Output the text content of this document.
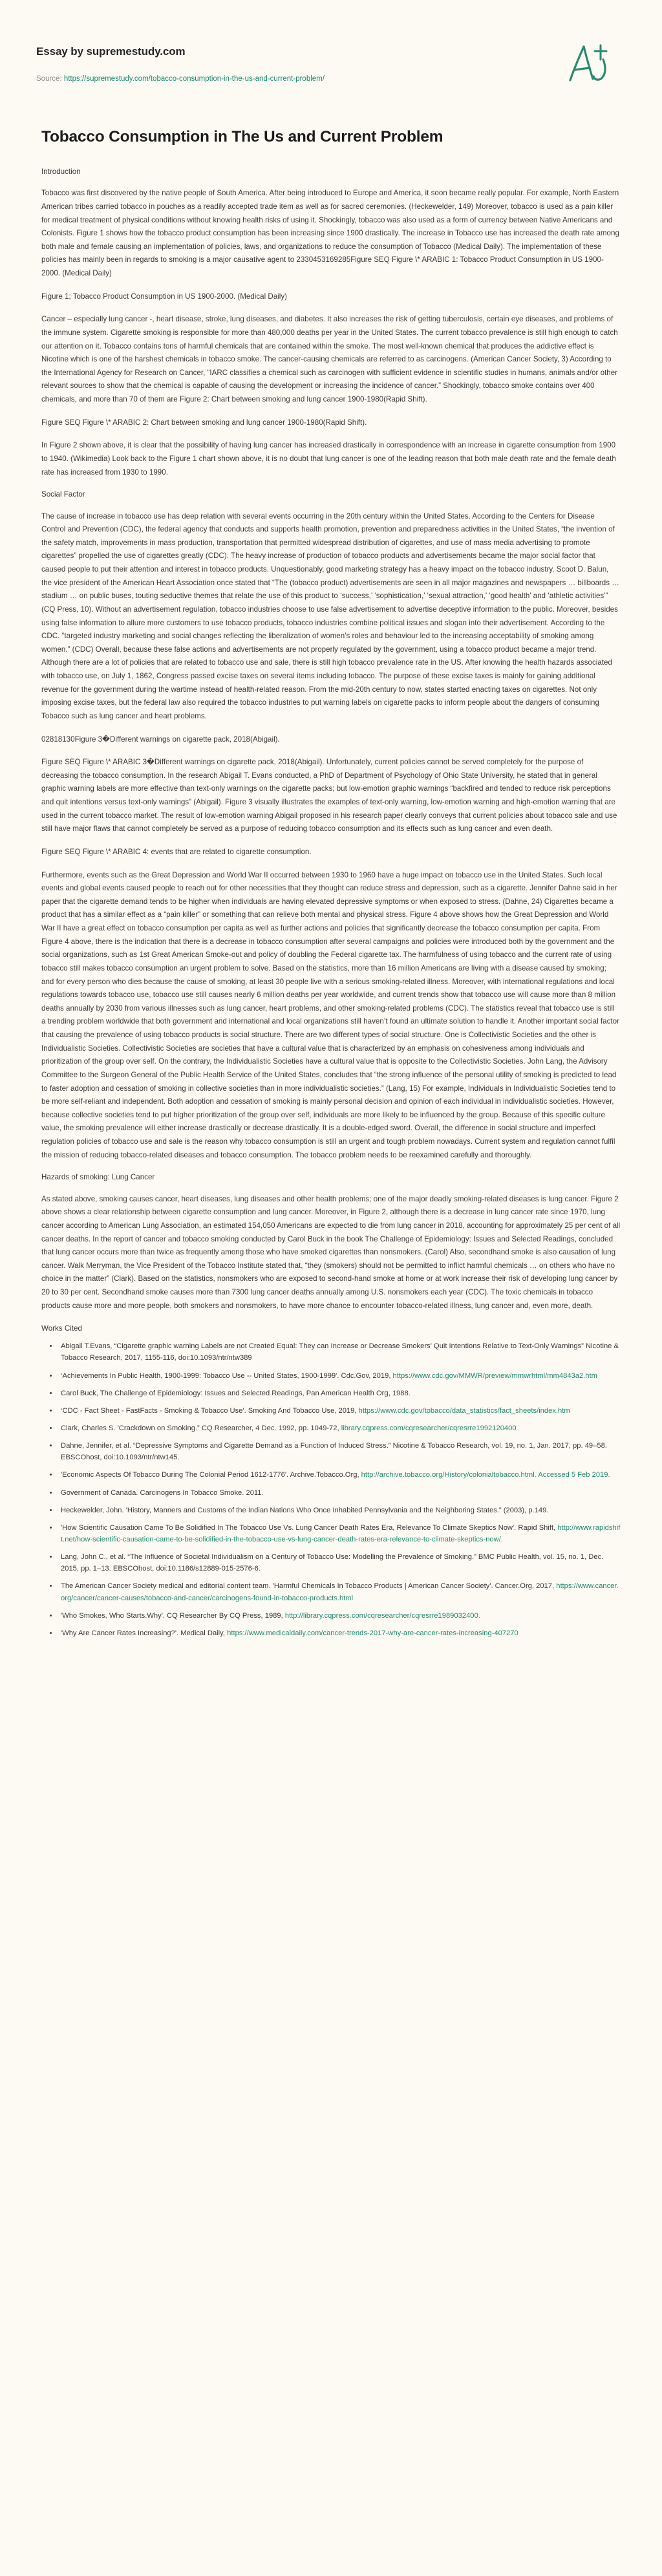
Essay by supremestudy.com
Source: https://supremestudy.com/tobacco-consumption-in-the-us-and-current-problem/
Tobacco Consumption in The Us and Current Problem
Introduction

Tobacco was first discovered by the native people of South America. After being introduced to Europe and America, it soon became really popular. For example, North Eastern American tribes carried tobacco in pouches as a readily accepted trade item as well as for sacred ceremonies. (Heckewelder, 149) Moreover, tobacco is used as a pain killer for medical treatment of physical conditions without knowing health risks of using it. Shockingly, tobacco was also used as a form of currency between Native Americans and Colonists. Figure 1 shows how the tobacco product consumption has been increasing since 1900 drastically. The increase in Tobacco use has increased the death rate among both male and female causing an implementation of policies, laws, and organizations to reduce the consumption of Tobacco (Medical Daily). The implementation of these policies has mainly been in regards to smoking is a major causative agent to 2330453169285Figure SEQ Figure \* ARABIC 1: Tobacco Product Consumption in US 1900-2000. (Medical Daily)

Figure 1; Tobacco Product Consumption in US 1900-2000. (Medical Daily)

Cancer – especially lung cancer -, heart disease, stroke, lung diseases, and diabetes. It also increases the risk of getting tuberculosis, certain eye diseases, and problems of the immune system. Cigarette smoking is responsible for more than 480,000 deaths per year in the United States. The current tobacco prevalence is still high enough to catch our attention on it. Tobacco contains tons of harmful chemicals that are contained within the smoke. The most well-known chemical that produces the addictive effect is Nicotine which is one of the harshest chemicals in tobacco smoke. The cancer-causing chemicals are referred to as carcinogens. (American Cancer Society, 3) According to the International Agency for Research on Cancer, “IARC classifies a chemical such as carcinogen with sufficient evidence in scientific studies in humans, animals and/or other relevant sources to show that the chemical is capable of causing the development or increasing the incidence of cancer.” Shockingly, tobacco smoke contains over 400 chemicals, and more than 70 of them are Figure 2: Chart between smoking and lung cancer 1900-1980(Rapid Shift).

Figure SEQ Figure \* ARABIC 2: Chart between smoking and lung cancer 1900-1980(Rapid Shift).

In Figure 2 shown above, it is clear that the possibility of having lung cancer has increased drastically in correspondence with an increase in cigarette consumption from 1900 to 1940. (Wikimedia) Look back to the Figure 1 chart shown above, it is no doubt that lung cancer is one of the leading reason that both male death rate and the female death rate has increased from 1930 to 1990.

Social Factor

The cause of increase in tobacco use has deep relation with several events occurring in the 20th century within the United States. According to the Centers for Disease Control and Prevention (CDC), the federal agency that conducts and supports health promotion, prevention and preparedness activities in the United States, “the invention of the safety match, improvements in mass production, transportation that permitted widespread distribution of cigarettes, and use of mass media advertising to promote cigarettes” propelled the use of cigarettes greatly (CDC). The heavy increase of production of tobacco products and advertisements became the major social factor that caused people to put their attention and interest in tobacco products. Unquestionably, good marketing strategy has a heavy impact on the tobacco industry. Scoot D. Balun, the vice president of the American Heart Association once stated that “The (tobacco product) advertisements are seen in all major magazines and newspapers … billboards … stadium … on public buses, touting seductive themes that relate the use of this product to ‘success,’ ‘sophistication,’ ‘sexual attraction,’ ‘good health’ and ‘athletic activities’” (CQ Press, 10). Without an advertisement regulation, tobacco industries choose to use false advertisement to advertise deceptive information to the public. Moreover, besides using false information to allure more customers to use tobacco products, tobacco industries combine political issues and slogan into their advertisement. According to the CDC. “targeted industry marketing and social changes reflecting the liberalization of women’s roles and behaviour led to the increasing acceptability of smoking among women.” (CDC) Overall, because these false actions and advertisements are not properly regulated by the government, using a tobacco product became a major trend. Although there are a lot of policies that are related to tobacco use and sale, there is still high tobacco prevalence rate in the US. After knowing the health hazards associated with tobacco use, on July 1, 1862, Congress passed excise taxes on several items including tobacco. The purpose of these excise taxes is mainly for gaining additional revenue for the government during the wartime instead of health-related reason. From the mid-20th century to now, states started enacting taxes on cigarettes. Not only imposing excise taxes, but the federal law also required the tobacco industries to put warning labels on cigarette packs to inform people about the dangers of consuming Tobacco such as lung cancer and heart problems.

02818130Figure 3�Different warnings on cigarette pack, 2018(Abigail).

Figure SEQ Figure \* ARABIC 3�Different warnings on cigarette pack, 2018(Abigail). Unfortunately, current policies cannot be served completely for the purpose of decreasing the tobacco consumption. In the research Abigail T. Evans conducted, a PhD of Department of Psychology of Ohio State University, he stated that in general graphic warning labels are more effective than text-only warnings on the cigarette packs; but low-emotion graphic warnings “backfired and tended to reduce risk perceptions and quit intentions versus text-only warnings” (Abigail). Figure 3 visually illustrates the examples of text-only warning, low-emotion warning and high-emotion warning that are used in the current tobacco market. The result of low-emotion warning Abigail proposed in his research paper clearly conveys that current policies about tobacco sale and use still have major flaws that cannot completely be served as a purpose of reducing tobacco consumption and its effects such as lung cancer and even death.

Figure SEQ Figure \* ARABIC 4: events that are related to cigarette consumption.

Furthermore, events such as the Great Depression and World War II occurred between 1930 to 1960 have a huge impact on tobacco use in the United States. Such local events and global events caused people to reach out for other necessities that they thought can reduce stress and depression, such as a cigarette. Jennifer Dahne said in her paper that the cigarette demand tends to be higher when individuals are having elevated depressive symptoms or when exposed to stress. (Dahne, 24) Cigarettes became a product that has a similar effect as a “pain killer” or something that can relieve both mental and physical stress. Figure 4 above shows how the Great Depression and World War II have a great effect on tobacco consumption per capita as well as further actions and policies that significantly decrease the tobacco consumption per capita. From Figure 4 above, there is the indication that there is a decrease in tobacco consumption after several campaigns and policies were introduced both by the government and the social organizations, such as 1st Great American Smoke-out and policy of doubling the Federal cigarette tax. The harmfulness of using tobacco and the current rate of using tobacco still makes tobacco consumption an urgent problem to solve. Based on the statistics, more than 16 million Americans are living with a disease caused by smoking; and for every person who dies because the cause of smoking, at least 30 people live with a serious smoking-related illness. Moreover, with international regulations and local regulations towards tobacco use, tobacco use still causes nearly 6 million deaths per year worldwide, and current trends show that tobacco use will cause more than 8 million deaths annually by 2030 from various illnesses such as lung cancer, heart problems, and other smoking-related problems (CDC). The statistics reveal that tobacco use is still a trending problem worldwide that both government and international and local organizations still haven’t found an ultimate solution to handle it. Another important social factor that causing the prevalence of using tobacco products is social structure. There are two different types of social structure. One is Collectivistic Societies and the other is Individualistic Societies. Collectivistic Societies are societies that have a cultural value that is characterized by an emphasis on cohesiveness among individuals and prioritization of the group over self. On the contrary, the Individualistic Societies have a cultural value that is opposite to the Collectivistic Societies. John Lang, the Advisory Committee to the Surgeon General of the Public Health Service of the United States, concludes that “the strong influence of the personal utility of smoking is predicted to lead to faster adoption and cessation of smoking in collective societies than in more individualistic societies.” (Lang, 15) For example, Individuals in Individualistic Societies tend to be more self-reliant and independent. Both adoption and cessation of smoking is mainly personal decision and opinion of each individual in individualistic societies. However, because collective societies tend to put higher prioritization of the group over self, individuals are more likely to be influenced by the group. Because of this specific culture value, the smoking prevalence will either increase drastically or decrease drastically. It is a double-edged sword. Overall, the difference in social structure and imperfect regulation policies of tobacco use and sale is the reason why tobacco consumption is still an urgent and tough problem nowadays. Current system and regulation cannot fulfil the mission of reducing tobacco-related diseases and tobacco consumption. The tobacco problem needs to be reexamined carefully and thoroughly.

Hazards of smoking: Lung Cancer

As stated above, smoking causes cancer, heart diseases, lung diseases and other health problems; one of the major deadly smoking-related diseases is lung cancer. Figure 2 above shows a clear relationship between cigarette consumption and lung cancer. Moreover, in Figure 2, although there is a decrease in lung cancer rate since 1970, lung cancer according to American Lung Association, an estimated 154,050 Americans are expected to die from lung cancer in 2018, accounting for approximately 25 per cent of all cancer deaths. In the report of cancer and tobacco smoking conducted by Carol Buck in the book The Challenge of Epidemiology: Issues and Selected Readings, concluded that lung cancer occurs more than twice as frequently among those who have smoked cigarettes than nonsmokers. (Carol) Also, secondhand smoke is also causation of lung cancer. Walk Merryman, the Vice President of the Tobacco Institute stated that, “they (smokers) should not be permitted to inflict harmful chemicals … on others who have no choice in the matter” (Clark). Based on the statistics, nonsmokers who are exposed to second-hand smoke at home or at work increase their risk of developing lung cancer by 20 to 30 per cent. Secondhand smoke causes more than 7300 lung cancer deaths annually among U.S. nonsmokers each year (CDC). The toxic chemicals in tobacco products cause more and more people, both smokers and nonsmokers, to have more chance to encounter tobacco-related illness, lung cancer and, even more, death.

Works Cited
• Abigail T.Evans, “Cigarette graphic warning Labels are not Created Equal: They can Increase or Decrease Smokers' Quit Intentions Relative to Text-Only Warnings” Nicotine & Tobacco Research, 2017, 1155-116, doi:10.1093/ntr/ntw389
• ‘Achievements In Public Health, 1900-1999: Tobacco Use -- United States, 1900-1999'. Cdc.Gov, 2019, https://www.cdc.gov/MMWR/preview/mmwrhtml/mm4843a2.htm
• Carol Buck, The Challenge of Epidemiology: Issues and Selected Readings, Pan American Health Org, 1988.
• ‘CDC - Fact Sheet - FastFacts - Smoking & Tobacco Use'. Smoking And Tobacco Use, 2019, https://www.cdc.gov/tobacco/data_statistics/fact_sheets/index.htm
• Clark, Charles S. 'Crackdown on Smoking.” CQ Researcher, 4 Dec. 1992, pp. 1049-72, library.cqpress.com/cqresearcher/cqresrre1992120400
• Dahne, Jennifer, et al. “Depressive Symptoms and Cigarette Demand as a Function of Induced Stress.” Nicotine & Tobacco Research, vol. 19, no. 1, Jan. 2017, pp. 49–58. EBSCOhost, doi:10.1093/ntr/ntw145.
• 'Economic Aspects Of Tobacco During The Colonial Period 1612-1776'. Archive.Tobacco.Org, http://archive.tobacco.org/History/colonialtobacco.html. Accessed 5 Feb 2019.
• Government of Canada. Carcinogens In Tobacco Smoke. 2011.
• Heckewelder, John. 'History, Manners and Customs of the Indian Nations Who Once Inhabited Pennsylvania and the Neighboring States.” (2003), p.149.
• 'How Scientific Causation Came To Be Solidified In The Tobacco Use Vs. Lung Cancer Death Rates Era, Relevance To Climate Skeptics Now'. Rapid Shift, http://www.rapidshift.net/how-scientific-causation-came-to-be-solidified-in-the-tobacco-use-vs-lung-cancer-death-rates-era-relevance-to-climate-skeptics-now/.
• Lang, John C., et al. “The Influence of Societal Individualism on a Century of Tobacco Use: Modelling the Prevalence of Smoking.” BMC Public Health, vol. 15, no. 1, Dec. 2015, pp. 1–13. EBSCOhost, doi:10.1186/s12889-015-2576-6.
• The American Cancer Society medical and editorial content team. 'Harmful Chemicals In Tobacco Products | American Cancer Society'. Cancer.Org, 2017, https://www.cancer.org/cancer/cancer-causes/tobacco-and-cancer/carcinogens-found-in-tobacco-products.html
• 'Who Smokes, Who Starts.Why'. CQ Researcher By CQ Press, 1989, http://library.cqpress.com/cqresearcher/cqresrre1989032400.
• 'Why Are Cancer Rates Increasing?'. Medical Daily, https://www.medicaldaily.com/cancer-trends-2017-why-are-cancer-rates-increasing-407270
